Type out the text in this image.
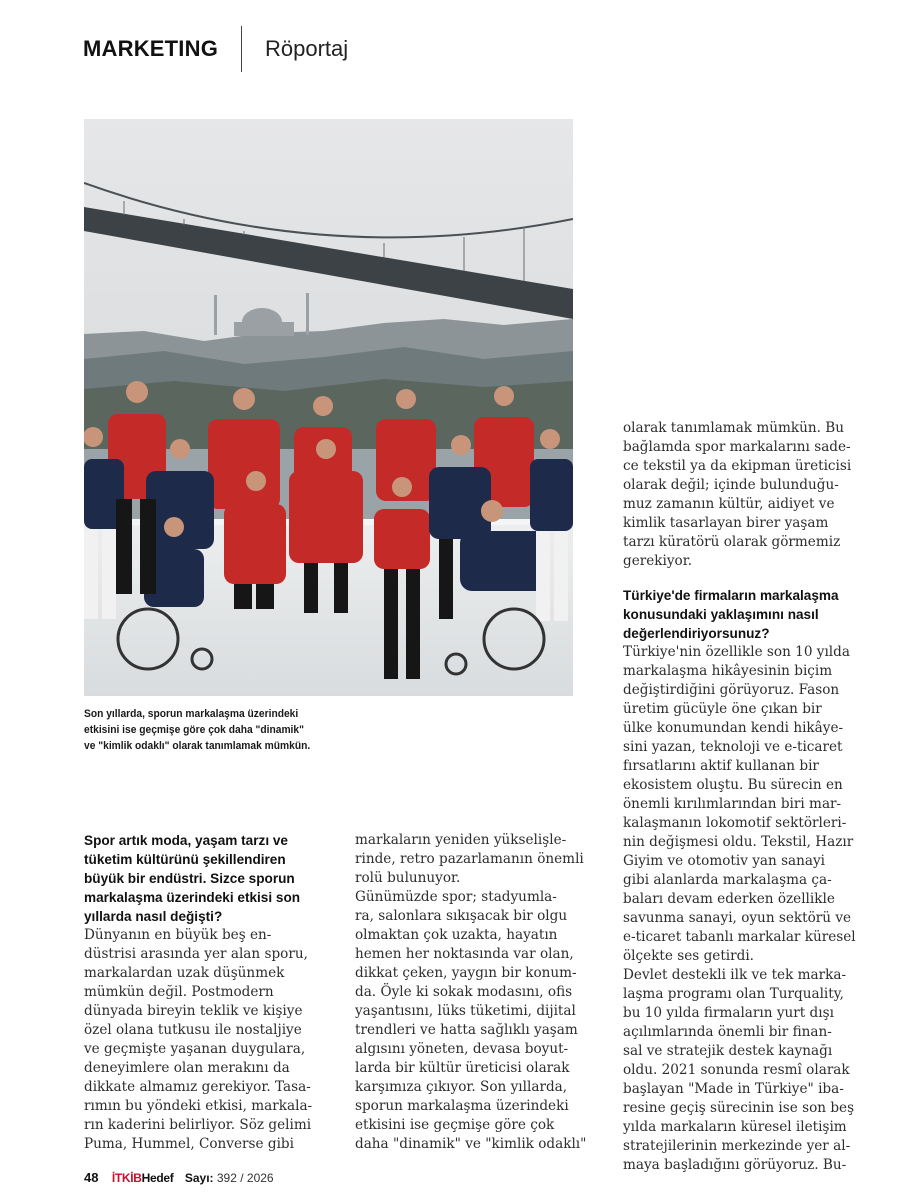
MARKETING Röportaj
Son yıllarda, sporun markalaşma üzerindeki
etkisini ise geçmişe göre çok daha "dinamik"
ve "kimlik odaklı" olarak tanımlamak mümkün.
Spor artık moda, yaşam tarzı ve
tüketim kültürünü şekillendiren
büyük bir endüstri. Sizce sporun
markalaşma üzerindeki etkisi son
yıllarda nasıl değişti?
Dünyanın en büyük beş en-
düstrisi arasında yer alan sporu,
markalardan uzak düşünmek
mümkün değil. Postmodern
dünyada bireyin teklik ve kişiye
özel olana tutkusu ile nostaljiye
ve geçmişte yaşanan duygulara,
deneyimlere olan merakını da
dikkate almamız gerekiyor. Tasa-
rımın bu yöndeki etkisi, markala-
rın kaderini belirliyor. Söz gelimi
Puma, Hummel, Converse gibi
markaların yeniden yükselişle-
rinde, retro pazarlamanın önemli
rolü bulunuyor.
Günümüzde spor; stadyumla-
ra, salonlara sıkışacak bir olgu
olmaktan çok uzakta, hayatın
hemen her noktasında var olan,
dikkat çeken, yaygın bir konum-
da. Öyle ki sokak modasını, ofis
yaşantısını, lüks tüketimi, dijital
trendleri ve hatta sağlıklı yaşam
algısını yöneten, devasa boyut-
larda bir kültür üreticisi olarak
karşımıza çıkıyor. Son yıllarda,
sporun markalaşma üzerindeki
etkisini ise geçmişe göre çok
daha "dinamik" ve "kimlik odaklı"
olarak tanımlamak mümkün. Bu
bağlamda spor markalarını sade-
ce tekstil ya da ekipman üreticisi
olarak değil; içinde bulunduğu-
muz zamanın kültür, aidiyet ve
kimlik tasarlayan birer yaşam
tarzı küratörü olarak görmemiz
gerekiyor.
Türkiye'de firmaların markalaşma
konusundaki yaklaşımını nasıl
değerlendiriyorsunuz?
Türkiye'nin özellikle son 10 yılda
markalaşma hikâyesinin biçim
değiştirdiğini görüyoruz. Fason
üretim gücüyle öne çıkan bir
ülke konumundan kendi hikâye-
sini yazan, teknoloji ve e-ticaret
fırsatlarını aktif kullanan bir
ekosistem oluştu. Bu sürecin en
önemli kırılımlarından biri mar-
kalaşmanın lokomotif sektörleri-
nin değişmesi oldu. Tekstil, Hazır
Giyim ve otomotiv yan sanayi
gibi alanlarda markalaşma ça-
baları devam ederken özellikle
savunma sanayi, oyun sektörü ve
e-ticaret tabanlı markalar küresel
ölçekte ses getirdi.
Devlet destekli ilk ve tek marka-
laşma programı olan Turquality,
bu 10 yılda firmaların yurt dışı
açılımlarında önemli bir finan-
sal ve stratejik destek kaynağı
oldu. 2021 sonunda resmî olarak
başlayan "Made in Türkiye" iba-
resine geçiş sürecinin ise son beş
yılda markaların küresel iletişim
stratejilerinin merkezinde yer al-
maya başladığını görüyoruz. Bu-
48 İTKİBHedef Sayı: 392 / 2026
